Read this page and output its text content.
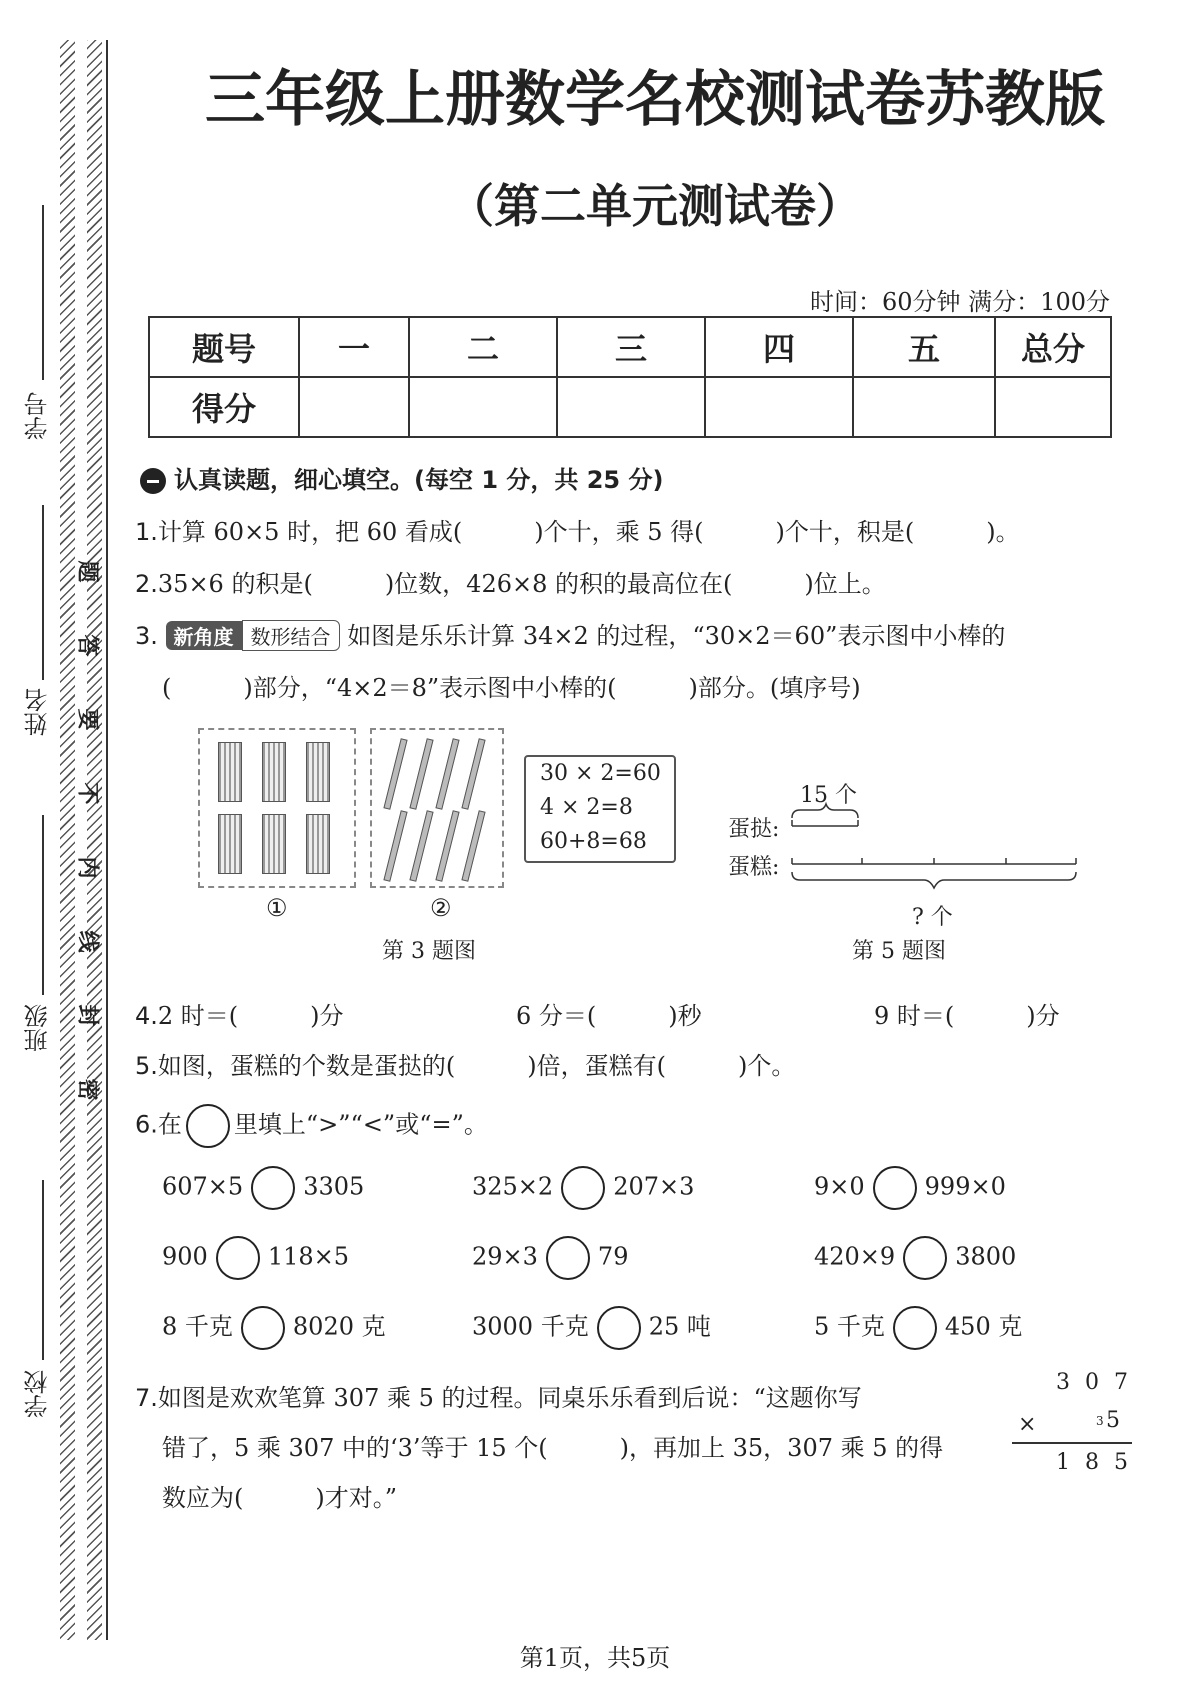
学号
姓名
班级
学校
题
答
要
不
内
线
封
密
三年级上册数学名校测试卷苏教版
（第二单元测试卷）
时间：60分钟 满分：100分
题号	一	二	三	四	五	总分
得分						
认真读题，细心填空。(每空 1 分，共 25 分)
1.计算 60×5 时，把 60 看成(　　　)个十，乘 5 得(　　　)个十，积是(　　　)。
2.35×6 的积是(　　　)位数，426×8 的积的最高位在(　　　)位上。
3. 新角度 数形结合 如图是乐乐计算 34×2 的过程，“30×2＝60”表示图中小棒的
(　　　)部分，“4×2＝8”表示图中小棒的(　　　)部分。(填序号)
①	②
30 × 2=60
4 × 2=8
60+8=68
第 3 题图
15 个
蛋挞:
蛋糕:
? 个
第 5 题图
4.2 时＝(　　　)分	6 分＝(　　　)秒	9 时＝(　　　)分
5.如图，蛋糕的个数是蛋挞的(　　　)倍，蛋糕有(　　　)个。
6.在 里填上“>”“<”或“=”。
607×5	3305	325×2	207×3	9×0	999×0
900	118×5	29×3	79	420×9	3800
8 千克	8020 克	3000 千克	25 吨	5 千克	450 克
7.如图是欢欢笔算 307 乘 5 的过程。同桌乐乐看到后说：“这题你写
错了，5 乘 307 中的‘3’等于 15 个(　　　)，再加上 35，307 乘 5 的得
数应为(　　　)才对。”
3 0 7
×	3 5
1 8 5
第1页，共5页
